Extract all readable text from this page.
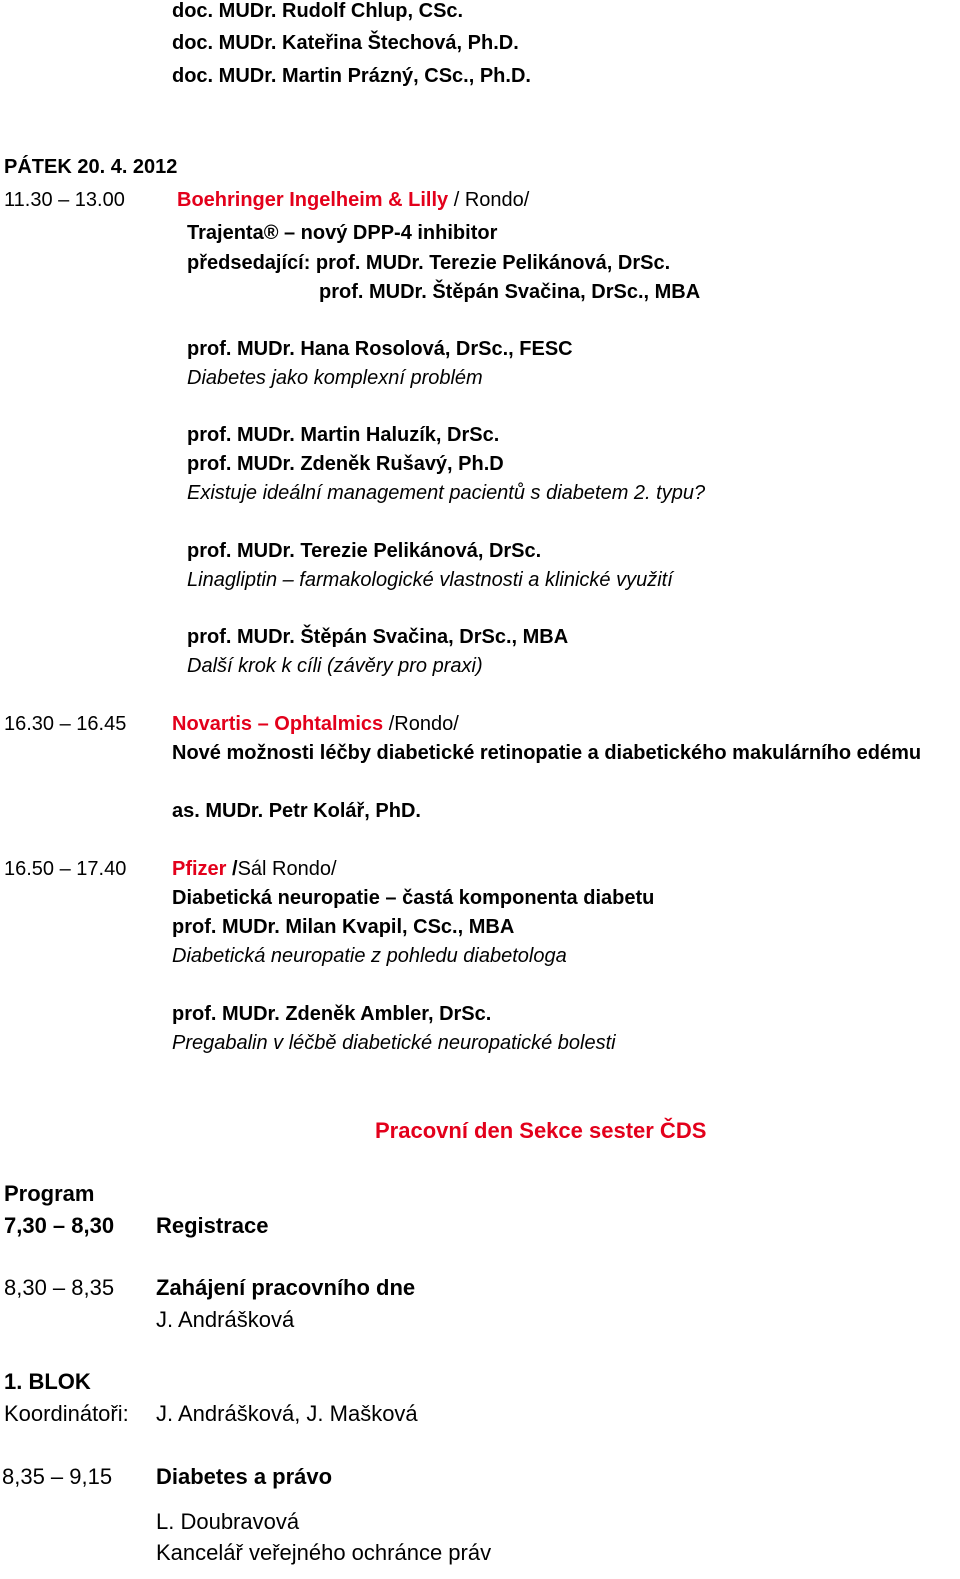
doc. MUDr. Rudolf Chlup, CSc.
doc. MUDr. Kateřina Štechová, Ph.D.
doc. MUDr. Martin Prázný, CSc., Ph.D.
PÁTEK 20. 4. 2012
11.30 – 13.00	Boehringer Ingelheim & Lilly / Rondo/
Trajenta® – nový DPP-4 inhibitor
předsedající: prof. MUDr. Terezie Pelikánová, DrSc.
prof. MUDr. Štěpán Svačina, DrSc., MBA
prof. MUDr. Hana Rosolová, DrSc., FESC
Diabetes jako komplexní problém
prof. MUDr. Martin Haluzík, DrSc.
prof. MUDr. Zdeněk Rušavý, Ph.D
Existuje ideální management pacientů s diabetem 2. typu?
prof. MUDr. Terezie Pelikánová, DrSc.
Linagliptin – farmakologické vlastnosti a klinické využití
prof. MUDr. Štěpán Svačina, DrSc., MBA
Další krok k cíli (závěry pro praxi)
16.30 – 16.45 Novartis – Ophtalmics /Rondo/
Nové možnosti léčby diabetické retinopatie a diabetického makulárního edému
as. MUDr. Petr Kolář, PhD.
16.50 – 17.40 Pfizer /Sál Rondo/
Diabetická neuropatie – častá komponenta diabetu
prof. MUDr. Milan Kvapil, CSc., MBA
Diabetická neuropatie z pohledu diabetologa
prof. MUDr. Zdeněk Ambler, DrSc.
Pregabalin v léčbě diabetické neuropatické bolesti
Pracovní den Sekce sester ČDS
Program
7,30 – 8,30 Registrace
8,30 – 8,35 Zahájení pracovního dne
J. Andrášková
1. BLOK
Koordinátoři: J. Andrášková, J. Mašková
8,35 – 9,15 Diabetes a právo
L. Doubravová
Kancelář veřejného ochránce práv
